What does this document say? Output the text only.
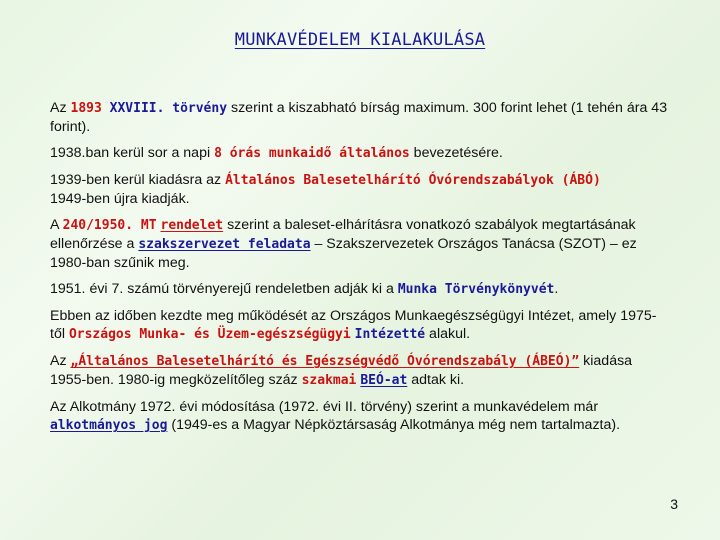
MUNKAVÉDELEM KIALAKULÁSA

Az 1893 XXVIII. törvény szerint a kiszabható bírság maximum. 300 forint lehet (1 tehén ára 43 forint).

1938.ban kerül sor a napi 8 órás munkaidő általános bevezetésére.

1939-ben kerül kiadásra az Általános Balesetelhárító Óvórendszabályok (ÁBÓ)
1949-ben újra kiadják.

A 240/1950. MT rendelet szerint a baleset-elhárításra vonatkozó szabályok megtartásának ellenőrzése a szakszervezet feladata – Szakszervezetek Országos Tanácsa (SZOT) – ez 1980-ban szűnik meg.

1951. évi 7. számú törvényerejű rendeletben adják ki a Munka Törvénykönyvét.

Ebben az időben kezdte meg működését az Országos Munkaegészségügyi Intézet, amely 1975-től Országos Munka- és Üzem-egészségügyi Intézetté alakul.

Az „Általános Balesetelhárító és Egészségvédő Óvórendszabály (ÁBEÓ)” kiadása 1955-ben. 1980-ig megközelítőleg száz szakmai BEÓ-at adtak ki.

Az Alkotmány 1972. évi módosítása (1972. évi II. törvény) szerint a munkavédelem már alkotmányos jog (1949-es a Magyar Népköztársaság Alkotmánya még nem tartalmazta).

3
